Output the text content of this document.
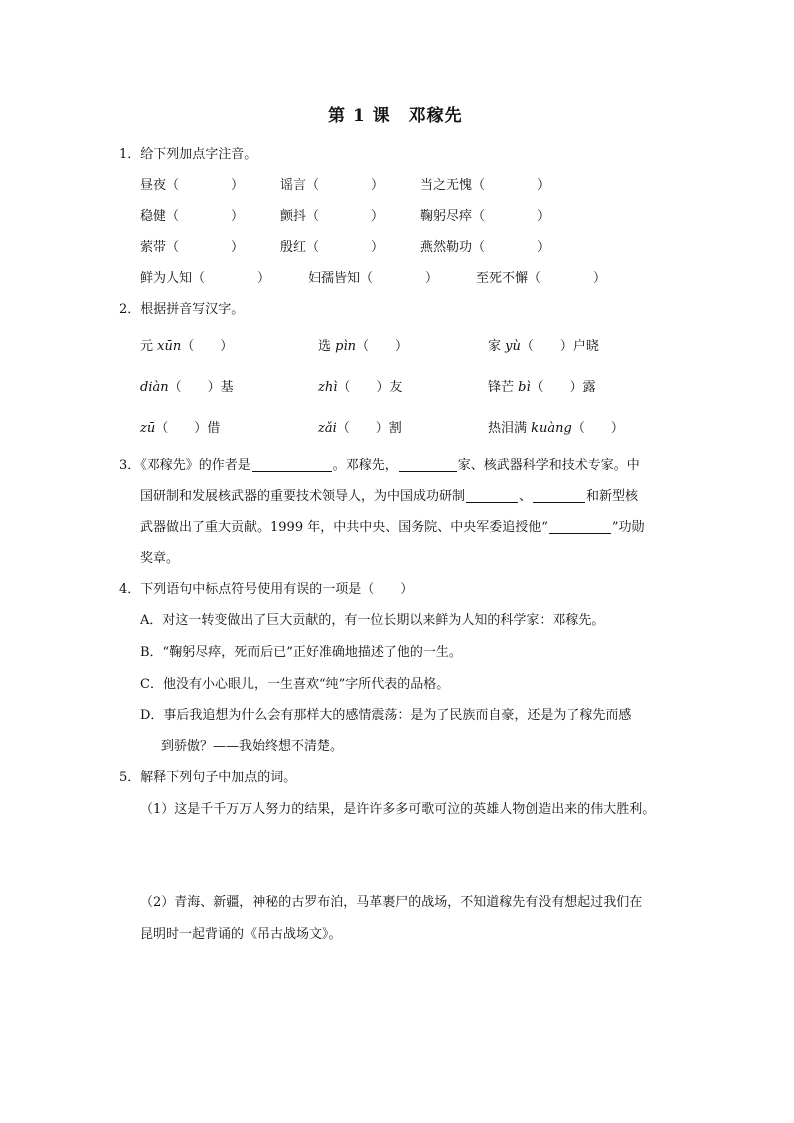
第 1 课　邓稼先
1．给下列加点字注音。
昼夜（　　　　）	谣言（　　　　）	当之无愧（　　　　）
稳健（　　　　）	颤抖（　　　　）	鞠躬尽瘁（　　　　）
萦带（　　　　）	殷红（　　　　）	燕然勒功（　　　　）
鲜为人知（　　　　）	妇孺皆知（　　　　）	至死不懈（　　　　）
2．根据拼音写汉字。
元 xūn（　　）	选 pìn（　　）	家 yù（　　）户晓
diàn（　　）基	zhì（　　）友	锋芒 bì（　　）露
zū（　　）借	zǎi（　　）割	热泪满 kuàng（　　）
3．《邓稼先》的作者是	。邓稼先，	家、核武器科学和技术专家。中
国研制和发展核武器的重要技术领导人，为中国成功研制	、	和新型核
武器做出了重大贡献。1999 年，中共中央、国务院、中央军委追授他“	”功勋
奖章。
4．下列语句中标点符号使用有误的一项是（　　）
A．对这一转变做出了巨大贡献的，有一位长期以来鲜为人知的科学家：邓稼先。
B．“鞠躬尽瘁，死而后已”正好准确地描述了他的一生。
C．他没有小心眼儿，一生喜欢“纯”字所代表的品格。
D．事后我追想为什么会有那样大的感情震荡：是为了民族而自豪，还是为了稼先而感
到骄傲？——我始终想不清楚。
5．解释下列句子中加点的词。
（1）这是千千万万人努力的结果，是许许多多可歌可泣的英雄人物创造出来的伟大胜利。
（2）青海、新疆，神秘的古罗布泊，马革裹尸的战场，不知道稼先有没有想起过我们在
昆明时一起背诵的《吊古战场文》。
